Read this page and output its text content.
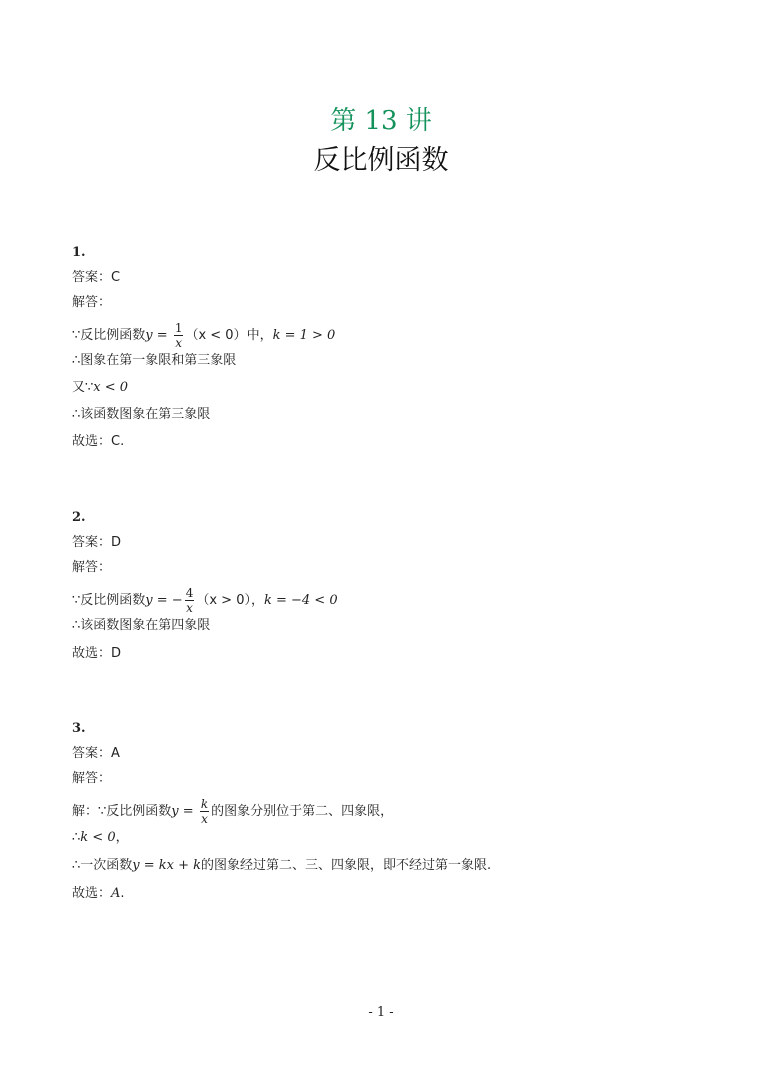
第 13 讲
反比例函数
1.
答案：C
解答：
∵反比例函数$y = \frac{1}{x} (x < 0)$中，k = 1 > 0
∴图象在第一象限和第三象限
又∵x < 0
∴该函数图象在第三象限
故选：C.
2.
答案：D
解答：
∵反比例函数y = − $\frac{4}{x} (x > 0)$，k = −4 < 0
∴该函数图象在第四象限
故选：D
3.
答案：A
解答：
解：∵反比例函数$y = \frac{k}{x}$ 的图象分别位于第二、四象限，
∴k < 0，
∴一次函数y = kx + k的图象经过第二、三、四象限，即不经过第一象限.
故选：A.
- 1 -
